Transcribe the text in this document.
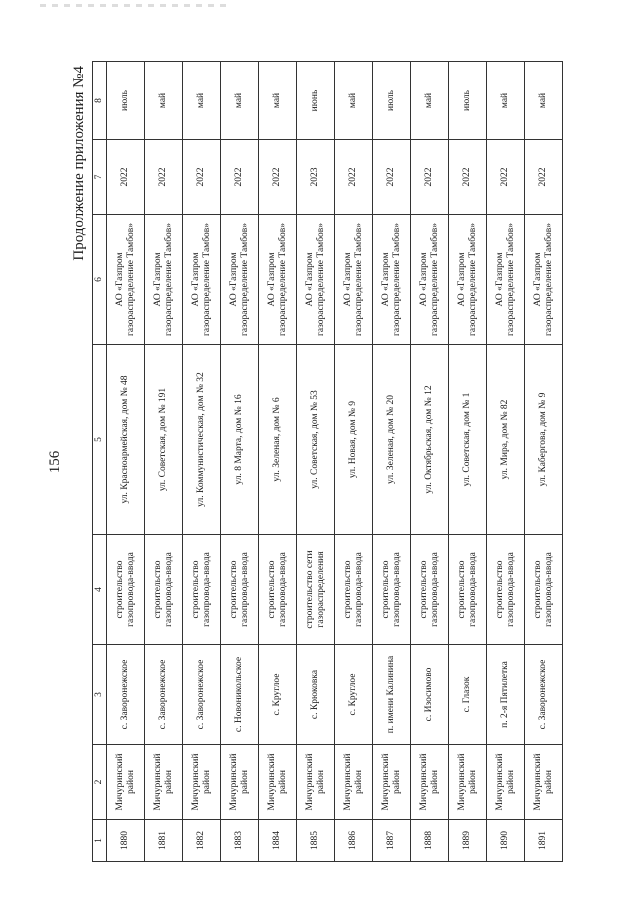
156
Продолжение приложения №4
1	2	3	4	5	6	7	8
1880	Мичуринский район	с. Заворонежское	строительство газопровода-ввода	ул. Красноармейская, дом № 48	АО «Газпром газораспределение Тамбов»	2022	июль
1881	Мичуринский район	с. Заворонежское	строительство газопровода-ввода	ул. Советская, дом № 191	АО «Газпром газораспределение Тамбов»	2022	май
1882	Мичуринский район	с. Заворонежское	строительство газопровода-ввода	ул. Коммунистическая, дом № 32	АО «Газпром газораспределение Тамбов»	2022	май
1883	Мичуринский район	с. Новоникольское	строительство газопровода-ввода	ул. 8 Марта, дом № 16	АО «Газпром газораспределение Тамбов»	2022	май
1884	Мичуринский район	с. Круглое	строительство газопровода-ввода	ул. Зеленая, дом № 6	АО «Газпром газораспределение Тамбов»	2022	май
1885	Мичуринский район	с. Крюковка	строительство сети газораспределения	ул. Советская, дом № 53	АО «Газпром газораспределение Тамбов»	2023	июнь
1886	Мичуринский район	с. Круглое	строительство газопровода-ввода	ул. Новая, дом № 9	АО «Газпром газораспределение Тамбов»	2022	май
1887	Мичуринский район	п. имени Калинина	строительство газопровода-ввода	ул. Зеленая, дом № 20	АО «Газпром газораспределение Тамбов»	2022	июль
1888	Мичуринский район	с. Изосимово	строительство газопровода-ввода	ул. Октябрьская, дом № 12	АО «Газпром газораспределение Тамбов»	2022	май
1889	Мичуринский район	с. Глазок	строительство газопровода-ввода	ул. Советская, дом № 1	АО «Газпром газораспределение Тамбов»	2022	июль
1890	Мичуринский район	п. 2-я Пятилетка	строительство газопровода-ввода	ул. Мира, дом № 82	АО «Газпром газораспределение Тамбов»	2022	май
1891	Мичуринский район	с. Заворонежское	строительство газопровода-ввода	ул. Кабергова, дом № 9	АО «Газпром газораспределение Тамбов»	2022	май
